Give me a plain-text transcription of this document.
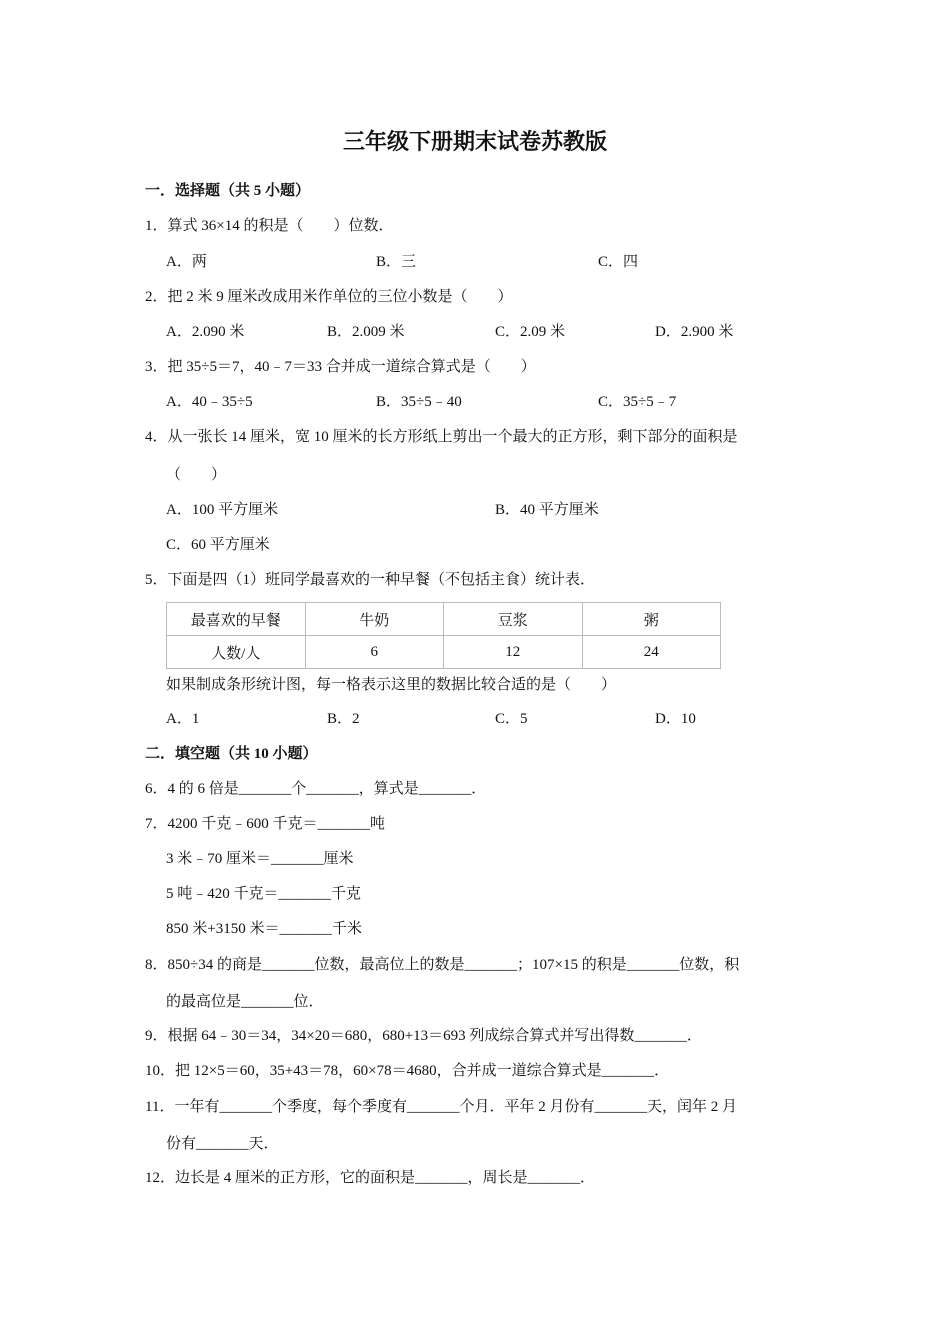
三年级下册期末试卷苏教版
一．选择题（共 5 小题）
1．算式 36×14 的积是（　　）位数．
A．两	B．三	C．四
2．把 2 米 9 厘米改成用米作单位的三位小数是（　　）
A．2.090 米	B．2.009 米	C．2.09 米	D．2.900 米
3．把 35÷5＝7，40﹣7＝33 合并成一道综合算式是（　　）
A．40﹣35÷5	B．35÷5﹣40	C．35÷5﹣7
4．从一张长 14 厘米，宽 10 厘米的长方形纸上剪出一个最大的正方形，剩下部分的面积是
（　　）
A．100 平方厘米	B．40 平方厘米
C．60 平方厘米
5．下面是四（1）班同学最喜欢的一种早餐（不包括主食）统计表．
最喜欢的早餐	牛奶	豆浆	粥
人数/人	6	12	24
如果制成条形统计图，每一格表示这里的数据比较合适的是（　　）
A．1	B．2	C．5	D．10
二．填空题（共 10 小题）
6．4 的 6 倍是_______个_______，算式是_______．
7．4200 千克﹣600 千克＝_______吨
3 米﹣70 厘米＝_______厘米
5 吨﹣420 千克＝_______千克
850 米+3150 米＝_______千米
8．850÷34 的商是_______位数，最高位上的数是_______；107×15 的积是_______位数，积
的最高位是_______位．
9．根据 64﹣30＝34，34×20＝680，680+13＝693 列成综合算式并写出得数_______．
10．把 12×5＝60，35+43＝78，60×78＝4680，合并成一道综合算式是_______．
11．一年有_______个季度，每个季度有_______个月．平年 2 月份有_______天，闰年 2 月
份有_______天．
12．边长是 4 厘米的正方形，它的面积是_______，周长是_______．
